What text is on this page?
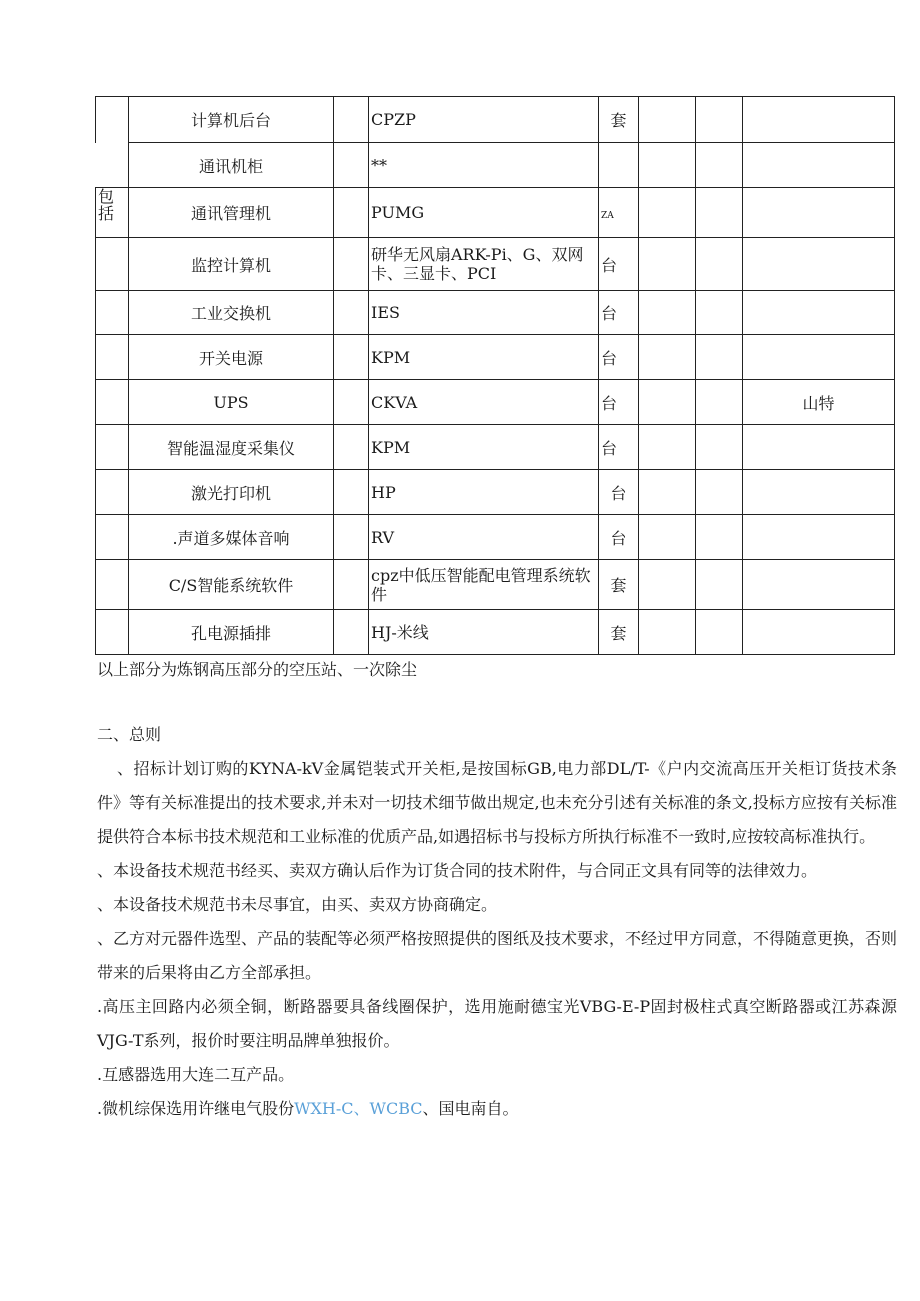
	计算机后台		CPZP	套			
	通讯机柜		**				

包括	通讯管理机		PUMG	ZA			
	监控计算机		研华无风扇ARK-Pi、G、双网卡、三显卡、PCI	台			
	工业交换机		IES	台			
	开关电源		KPM	台			
	UPS		CKVA	台			山特
	智能温湿度采集仪		KPM	台			
	激光打印机		HP	台			
	.声道多媒体音响		RV	台			
	C/S智能系统软件		cpz中低压智能配电管理系统软件	套			
	孔电源插排		HJ-米线	套			
以上部分为炼钢高压部分的空压站、一次除尘
二、总则

、招标计划订购的KYNA-kV金属铠装式开关柜,是按国标GB,电力部DL/T-《户内交流高压开关柜订货技术条件》等有关标准提出的技术要求,并未对一切技术细节做出规定,也未充分引述有关标准的条文,投标方应按有关标准提供符合本标书技术规范和工业标准的优质产品,如遇招标书与投标方所执行标准不一致时,应按较高标准执行。

、本设备技术规范书经买、卖双方确认后作为订货合同的技术附件，与合同正文具有同等的法律效力。

、本设备技术规范书未尽事宜，由买、卖双方协商确定。

、乙方对元器件选型、产品的装配等必须严格按照提供的图纸及技术要求，不经过甲方同意，不得随意更换，否则带来的后果将由乙方全部承担。

.高压主回路内必须全铜，断路器要具备线圈保护，选用施耐德宝光VBG-E-P固封极柱式真空断路器或江苏森源VJG-T系列，报价时要注明品牌单独报价。

.互感器选用大连二互产品。

.微机综保选用许继电气股份WXH-C、WCBC、国电南自。
